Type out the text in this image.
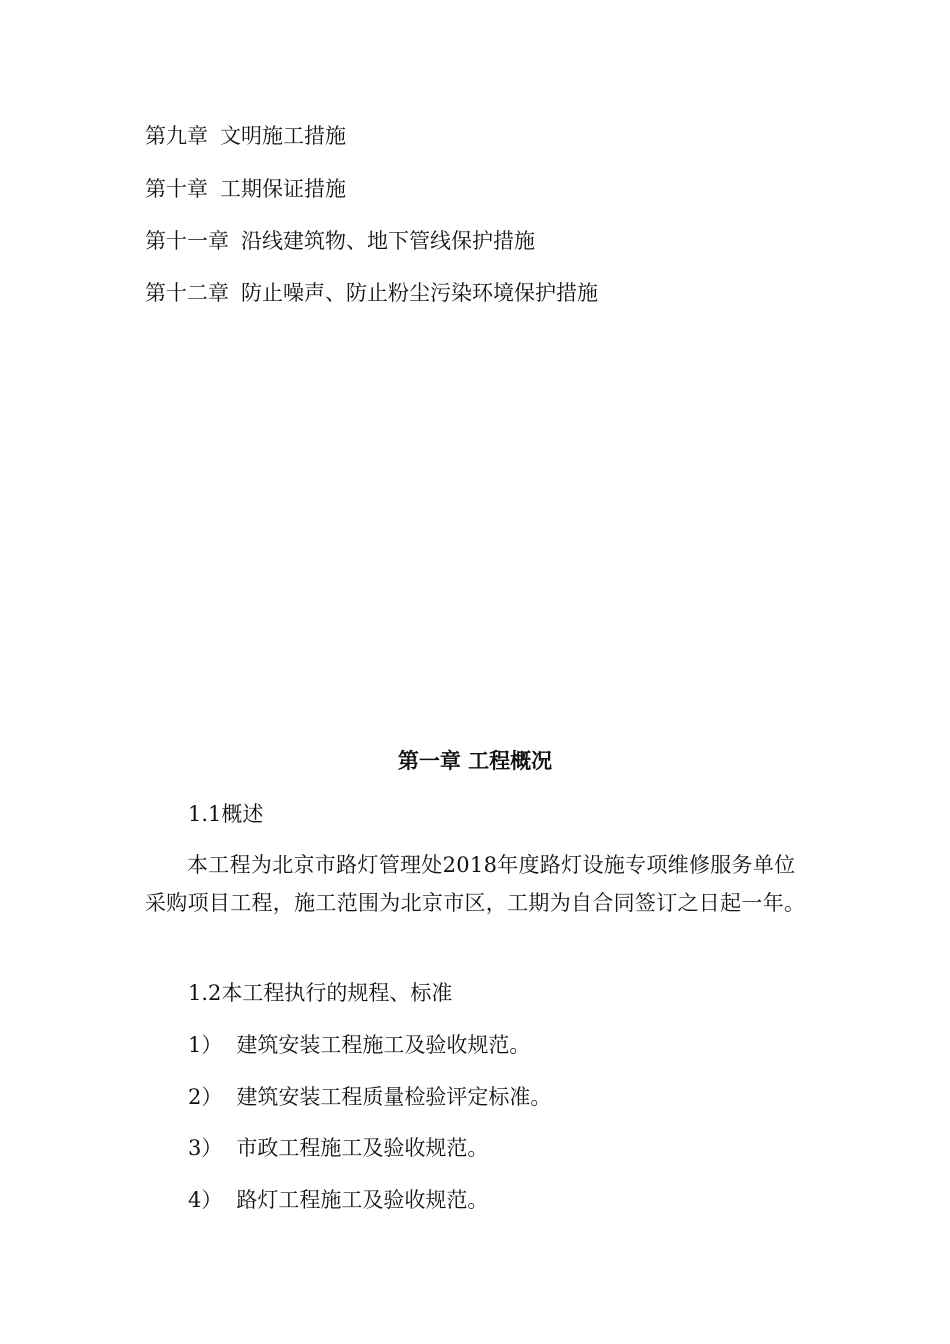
第九章 文明施工措施
第十章 工期保证措施
第十一章 沿线建筑物、地下管线保护措施
第十二章 防止噪声、防止粉尘污染环境保护措施
第一章 工程概况
1.1概述
本工程为北京市路灯管理处2018年度路灯设施专项维修服务单位采购项目工程，施工范围为北京市区，工期为自合同签订之日起一年。
1.2本工程执行的规程、标准
1） 建筑安装工程施工及验收规范。
2） 建筑安装工程质量检验评定标准。
3） 市政工程施工及验收规范。
4） 路灯工程施工及验收规范。
